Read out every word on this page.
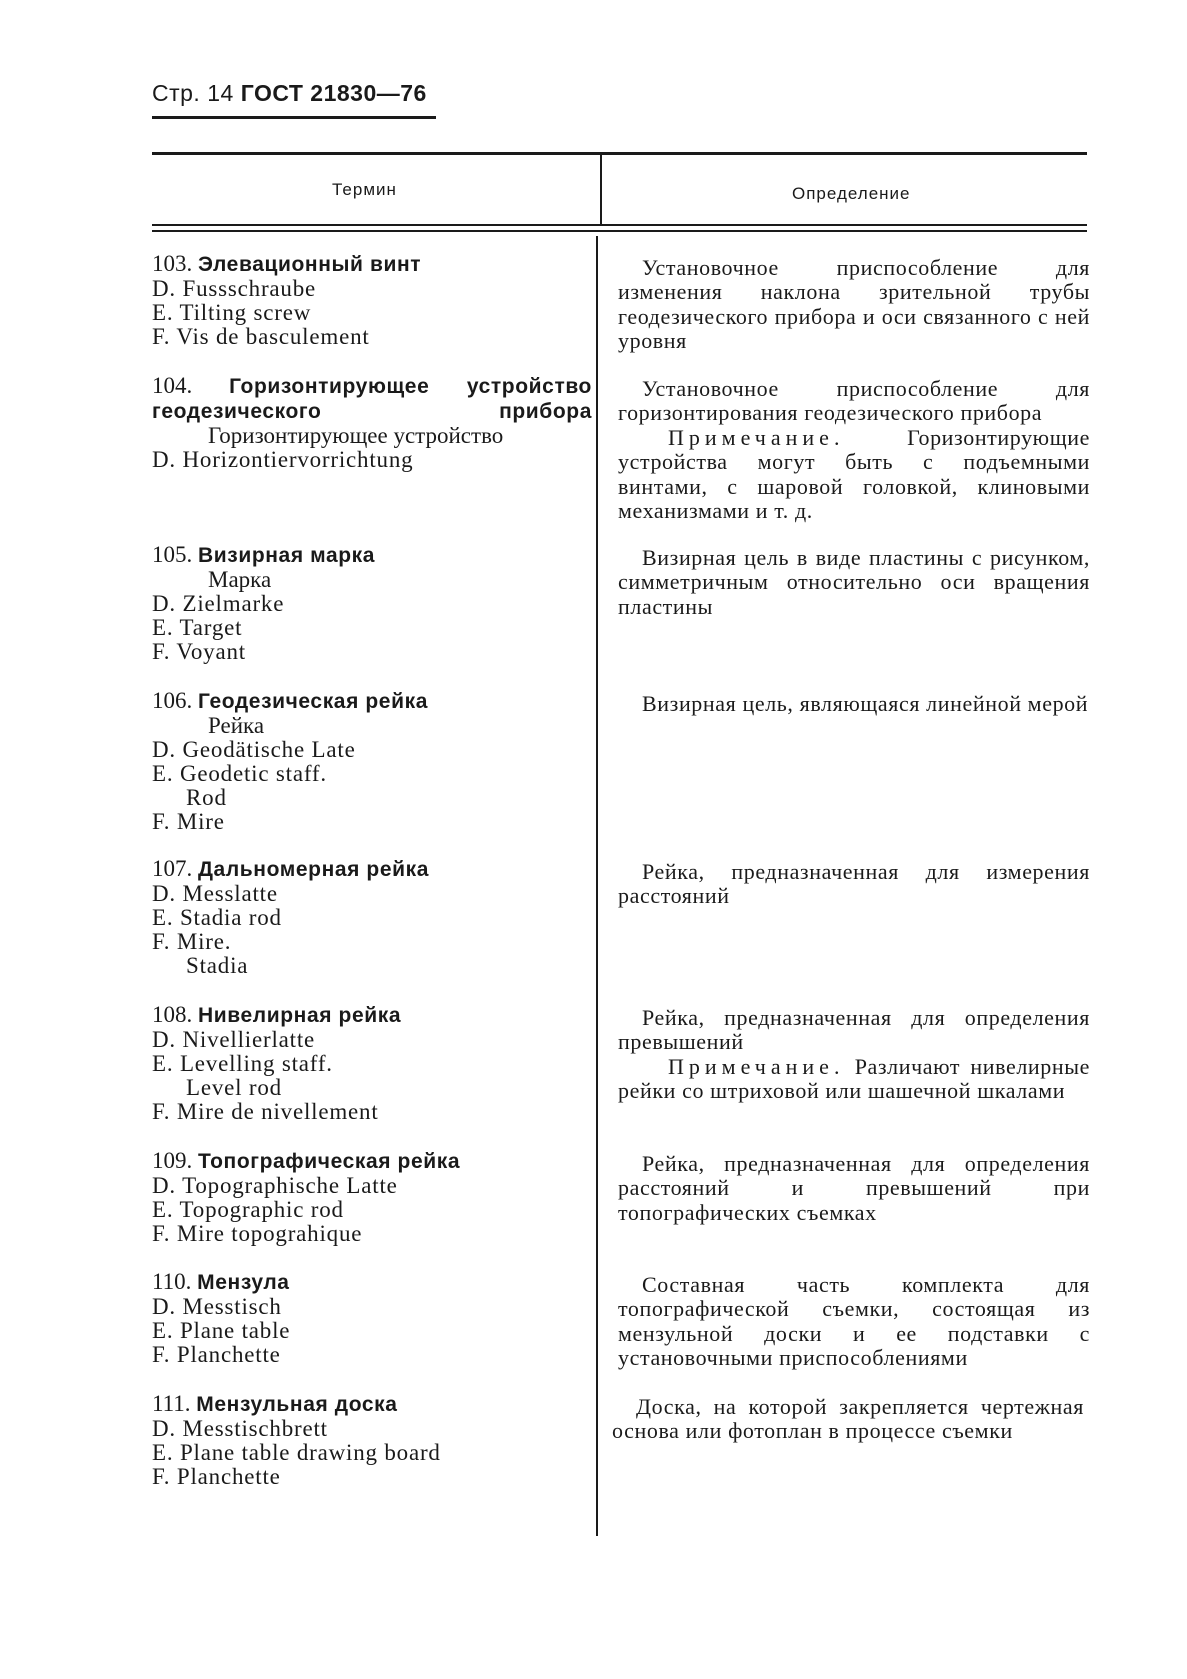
Стр. 14 ГОСТ 21830—76
Термин	Определение
103. Элевационный винт
D. Fussschraube
E. Tilting screw
F. Vis de basculement

Установочное приспособление для изменения наклона зрительной трубы геодезического прибора и оси связанного с ней уровня

104. Горизонтирующее устройство геодезического прибора
Горизонтирующее устройство
D. Horizontiervorrichtung

Установочное приспособление для горизонтирования геодезического прибора

Примечание.	Горизонтирующие устройства могут быть с подъемными винтами, с шаровой головкой, клиновыми механизмами и т. д.

105. Визирная марка
Марка
D. Zielmarke
E. Target
F. Voyant

Визирная цель в виде пластины с рисунком, симметричным относительно оси вращения пластины

106. Геодезическая рейка
Рейка
D. Geodätische Late
E. Geodetic staff.
Rod
F. Mire

Визирная цель, являющаяся линейной мерой

107. Дальномерная рейка
D. Messlatte
E. Stadia rod
F. Mire.
Stadia

Рейка, предназначенная для измерения расстояний

108. Нивелирная рейка
D. Nivellierlatte
E. Levelling staff.
Level rod
F. Mire de nivellement

Рейка, предназначенная для определения превышений

Примечание. Различают нивелирные рейки со штриховой или шашечной шкалами

109. Топографическая рейка
D. Topographische Latte
E. Topographic rod
F. Mire topograhique

Рейка, предназначенная для определения расстояний и превышений при топографических съемках

110. Мензула
D. Messtisch
E. Plane table
F. Planchette

Составная часть комплекта для топографической съемки, состоящая из мензульной доски и ее подставки с установочными приспособлениями

111. Мензульная доска
D. Messtischbrett
E. Plane table drawing board
F. Planchette

Доска, на которой закрепляется чертежная основа или фотоплан в процессе съемки
